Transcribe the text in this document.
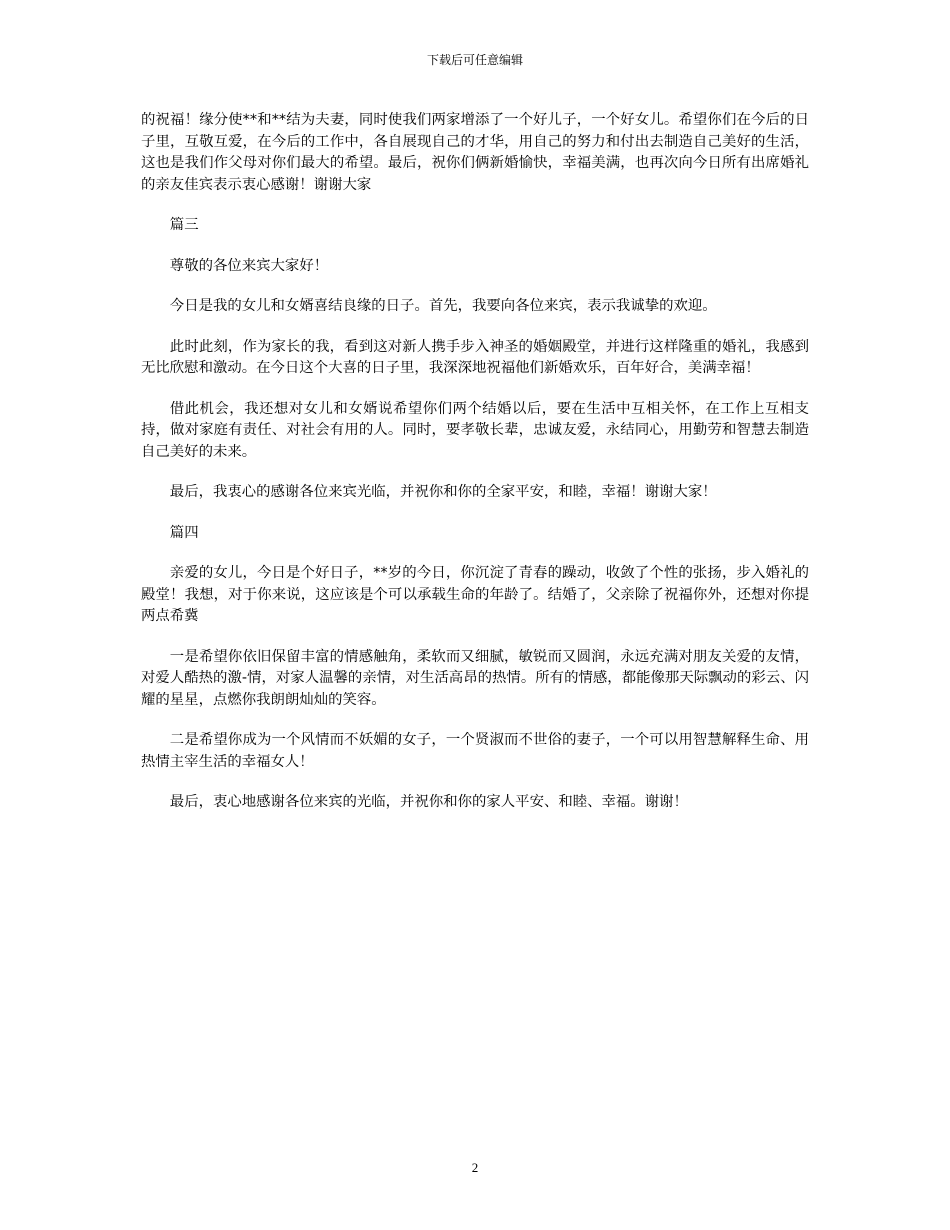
下载后可任意编辑

的祝福！缘分使**和**结为夫妻，同时使我们两家增添了一个好儿子，一个好女儿。希望你们在今后的日子里，互敬互爱，在今后的工作中，各自展现自己的才华，用自己的努力和付出去制造自己美好的生活，这也是我们作父母对你们最大的希望。最后，祝你们俩新婚愉快，幸福美满，也再次向今日所有出席婚礼的亲友佳宾表示衷心感谢！谢谢大家

篇三

尊敬的各位来宾大家好！

今日是我的女儿和女婿喜结良缘的日子。首先，我要向各位来宾，表示我诚挚的欢迎。

此时此刻，作为家长的我，看到这对新人携手步入神圣的婚姻殿堂，并进行这样隆重的婚礼，我感到无比欣慰和激动。在今日这个大喜的日子里，我深深地祝福他们新婚欢乐，百年好合，美满幸福！

借此机会，我还想对女儿和女婿说希望你们两个结婚以后，要在生活中互相关怀，在工作上互相支持，做对家庭有责任、对社会有用的人。同时，要孝敬长辈，忠诚友爱，永结同心，用勤劳和智慧去制造自己美好的未来。

最后，我衷心的感谢各位来宾光临，并祝你和你的全家平安，和睦，幸福！谢谢大家！

篇四

亲爱的女儿，今日是个好日子，**岁的今日，你沉淀了青春的躁动，收敛了个性的张扬，步入婚礼的殿堂！我想，对于你来说，这应该是个可以承载生命的年龄了。结婚了，父亲除了祝福你外，还想对你提两点希冀

一是希望你依旧保留丰富的情感触角，柔软而又细腻，敏锐而又圆润，永远充满对朋友关爱的友情，对爱人酷热的激-情，对家人温馨的亲情，对生活高昂的热情。所有的情感，都能像那天际飘动的彩云、闪耀的星星，点燃你我朗朗灿灿的笑容。

二是希望你成为一个风情而不妖媚的女子，一个贤淑而不世俗的妻子，一个可以用智慧解释生命、用热情主宰生活的幸福女人！

最后，衷心地感谢各位来宾的光临，并祝你和你的家人平安、和睦、幸福。谢谢！

2
